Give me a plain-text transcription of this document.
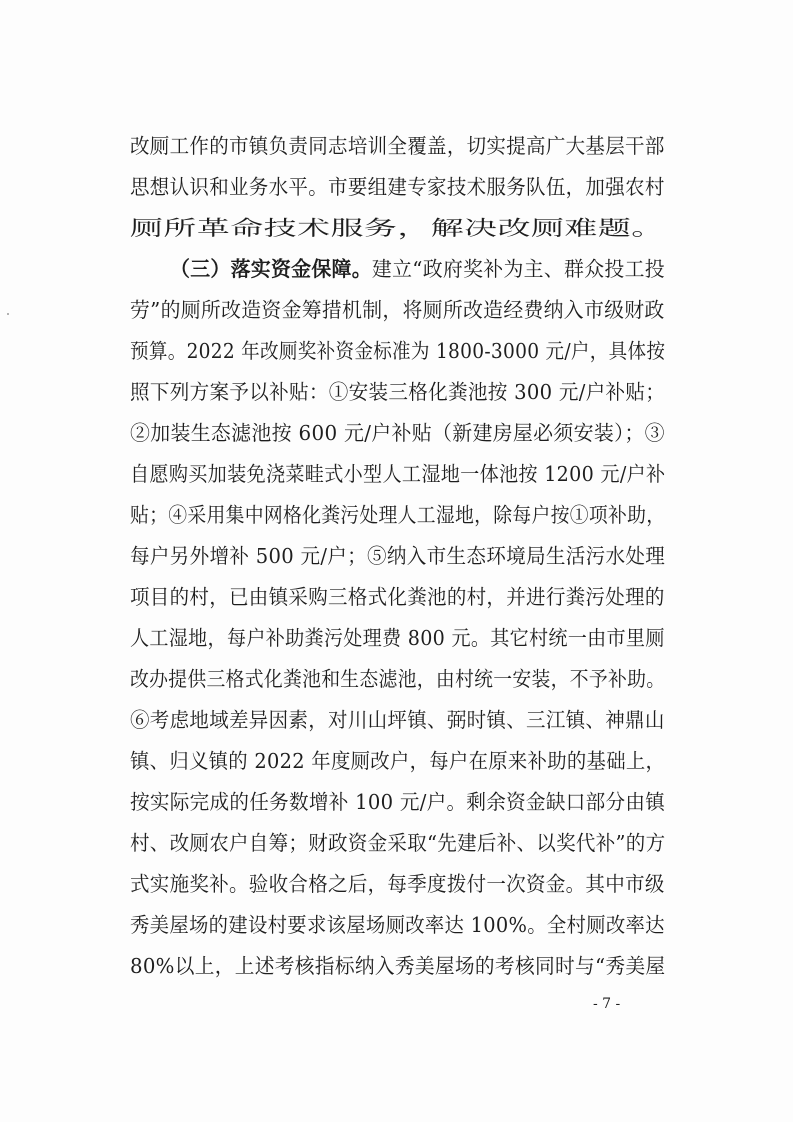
改厕工作的市镇负责同志培训全覆盖，切实提高广大基层干部
思想认识和业务水平。市要组建专家技术服务队伍，加强农村
厕所革命技术服务，解决改厕难题。
（三）落实资金保障。建立“政府奖补为主、群众投工投
劳”的厕所改造资金筹措机制，将厕所改造经费纳入市级财政
预算。2022 年改厕奖补资金标准为 1800-3000 元/户，具体按
照下列方案予以补贴：①安装三格化粪池按 300 元/户补贴；
②加装生态滤池按 600 元/户补贴（新建房屋必须安装）；③
自愿购买加装免浇菜畦式小型人工湿地一体池按 1200 元/户补
贴；④采用集中网格化粪污处理人工湿地，除每户按①项补助，
每户另外增补 500 元/户；⑤纳入市生态环境局生活污水处理
项目的村，已由镇采购三格式化粪池的村，并进行粪污处理的
人工湿地，每户补助粪污处理费 800 元。其它村统一由市里厕
改办提供三格式化粪池和生态滤池，由村统一安装，不予补助。
⑥考虑地域差异因素，对川山坪镇、弼时镇、三江镇、神鼎山
镇、归义镇的 2022 年度厕改户，每户在原来补助的基础上，
按实际完成的任务数增补 100 元/户。剩余资金缺口部分由镇
村、改厕农户自筹；财政资金采取“先建后补、以奖代补”的方
式实施奖补。验收合格之后，每季度拨付一次资金。其中市级
秀美屋场的建设村要求该屋场厕改率达 100%。全村厕改率达
80%以上，上述考核指标纳入秀美屋场的考核同时与“秀美屋
- 7 -
